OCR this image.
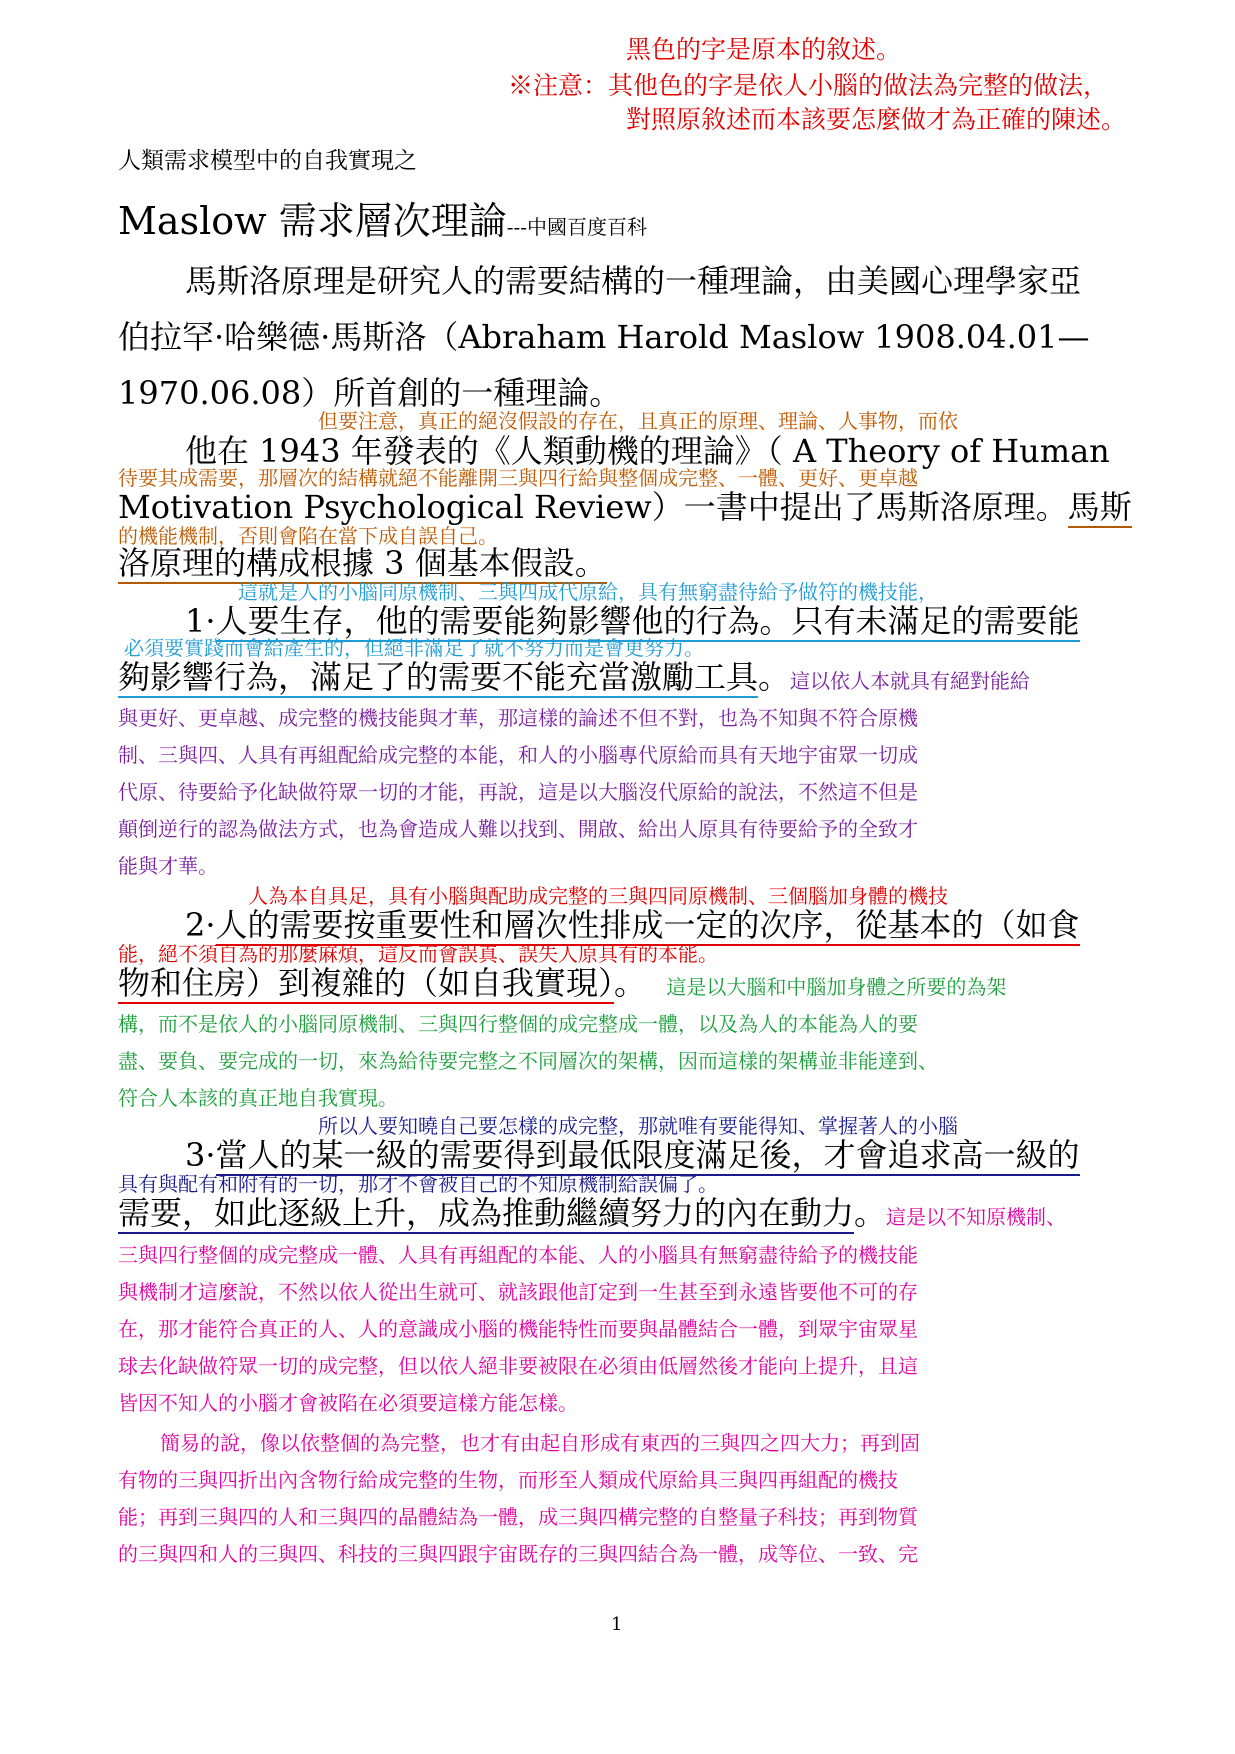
黑色的字是原本的敘述。
※注意：其他色的字是依人小腦的做法為完整的做法，
對照原敘述而本該要怎麼做才為正確的陳述。
人類需求模型中的自我實現之
Maslow 需求層次理論---中國百度百科
馬斯洛原理是研究人的需要結構的一種理論，由美國心理學家亞
伯拉罕·哈樂德·馬斯洛（Abraham Harold Maslow 1908.04.01—
1970.06.08）所首創的一種理論。
但要注意，真正的絕沒假設的存在，且真正的原理、理論、人事物，而依
他在 1943 年發表的《人類動機的理論》（ A Theory of Human
待要其成需要，那層次的結構就絕不能離開三與四行給與整個成完整、一體、更好、更卓越
Motivation Psychological Review）一書中提出了馬斯洛原理。馬斯
的機能機制，否則會陷在當下成自誤自己。
洛原理的構成根據 3 個基本假設。
這就是人的小腦同原機制、三與四成代原給，具有無窮盡待給予做符的機技能，
1·人要生存，他的需要能夠影響他的行為。只有未滿足的需要能
必須要實踐而會給產生的，但絕非滿足了就不努力而是會更努力。
夠影響行為，滿足了的需要不能充當激勵工具。這以依人本就具有絕對能給
與更好、更卓越、成完整的機技能與才華，那這樣的論述不但不對，也為不知與不符合原機
制、三與四、人具有再組配給成完整的本能，和人的小腦專代原給而具有天地宇宙眾一切成
代原、待要給予化缺做符眾一切的才能，再說，這是以大腦沒代原給的說法，不然這不但是
顛倒逆行的認為做法方式，也為會造成人難以找到、開啟、給出人原具有待要給予的全致才
能與才華。
人為本自具足，具有小腦與配助成完整的三與四同原機制、三個腦加身體的機技
2·人的需要按重要性和層次性排成一定的次序，從基本的（如食
能，絕不須自為的那麼麻煩，這反而會誤真、誤失人原具有的本能。
物和住房）到複雜的（如自我實現）。 這是以大腦和中腦加身體之所要的為架
構，而不是依人的小腦同原機制、三與四行整個的成完整成一體，以及為人的本能為人的要
盡、要負、要完成的一切，來為給待要完整之不同層次的架構，因而這樣的架構並非能達到、
符合人本該的真正地自我實現。
所以人要知曉自己要怎樣的成完整，那就唯有要能得知、掌握著人的小腦
3·當人的某一級的需要得到最低限度滿足後，才會追求高一級的
具有與配有和附有的一切，那才不會被自己的不知原機制給誤偏了。
需要，如此逐級上升，成為推動繼續努力的內在動力。這是以不知原機制、
三與四行整個的成完整成一體、人具有再組配的本能、人的小腦具有無窮盡待給予的機技能
與機制才這麼說，不然以依人從出生就可、就該跟他訂定到一生甚至到永遠皆要他不可的存
在，那才能符合真正的人、人的意識成小腦的機能特性而要與晶體結合一體，到眾宇宙眾星
球去化缺做符眾一切的成完整，但以依人絕非要被限在必須由低層然後才能向上提升，且這
皆因不知人的小腦才會被陷在必須要這樣方能怎樣。
簡易的說，像以依整個的為完整，也才有由起自形成有東西的三與四之四大力；再到固
有物的三與四折出內含物行給成完整的生物，而形至人類成代原給具三與四再組配的機技
能；再到三與四的人和三與四的晶體結為一體，成三與四構完整的自整量子科技；再到物質
的三與四和人的三與四、科技的三與四跟宇宙既存的三與四結合為一體，成等位、一致、完
1
